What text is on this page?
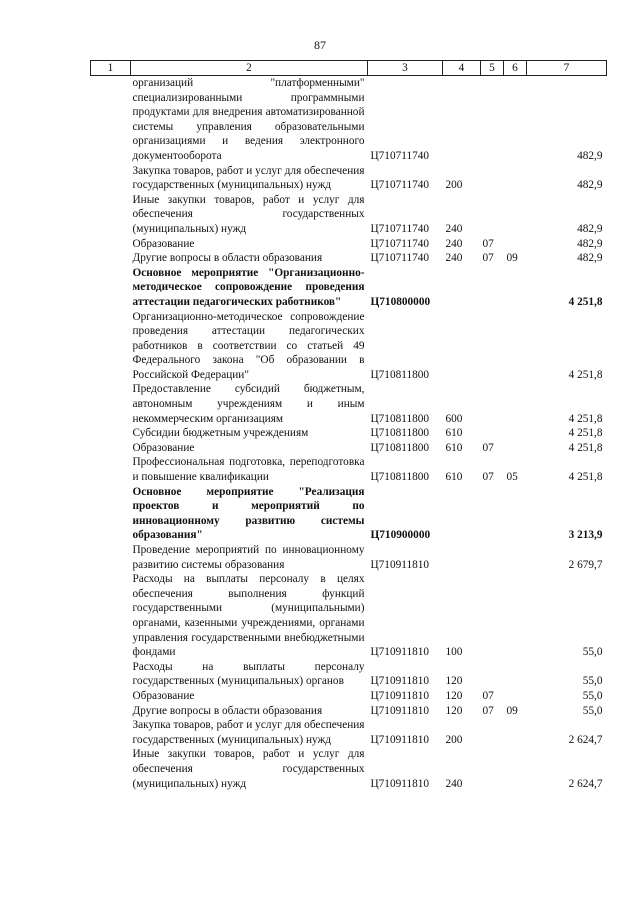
87
1	2	3	4	5	6	7
	организаций "платформенными" специализированными программными продуктами для внедрения автоматизированной системы управления образовательными организациями и ведения электронного документооборота	Ц710711740				482,9
	Закупка товаров, работ и услуг для обеспечения государственных (муниципальных) нужд	Ц710711740	200			482,9
	Иные закупки товаров, работ и услуг для обеспечения государственных (муниципальных) нужд	Ц710711740	240			482,9
	Образование	Ц710711740	240	07		482,9
	Другие вопросы в области образования	Ц710711740	240	07	09	482,9
	Основное мероприятие "Организационно-методическое сопровождение проведения аттестации педагогических работников"	Ц710800000				4 251,8
	Организационно-методическое сопровождение проведения аттестации педагогических работников в соответствии со статьей 49 Федерального закона "Об образовании в Российской Федерации"	Ц710811800				4 251,8
	Предоставление субсидий бюджетным, автономным учреждениям и иным некоммерческим организациям	Ц710811800	600			4 251,8
	Субсидии бюджетным учреждениям	Ц710811800	610			4 251,8
	Образование	Ц710811800	610	07		4 251,8
	Профессиональная подготовка, переподготовка и повышение квалификации	Ц710811800	610	07	05	4 251,8
	Основное мероприятие "Реализация проектов и мероприятий по инновационному развитию системы образования"	Ц710900000				3 213,9
	Проведение мероприятий по инновационному развитию системы образования	Ц710911810				2 679,7
	Расходы на выплаты персоналу в целях обеспечения выполнения функций государственными (муниципальными) органами, казенными учреждениями, органами управления государственными внебюджетными фондами	Ц710911810	100			55,0
	Расходы на выплаты персоналу государственных (муниципальных) органов	Ц710911810	120			55,0
	Образование	Ц710911810	120	07		55,0
	Другие вопросы в области образования	Ц710911810	120	07	09	55,0
	Закупка товаров, работ и услуг для обеспечения государственных (муниципальных) нужд	Ц710911810	200			2 624,7
	Иные закупки товаров, работ и услуг для обеспечения государственных (муниципальных) нужд	Ц710911810	240			2 624,7
